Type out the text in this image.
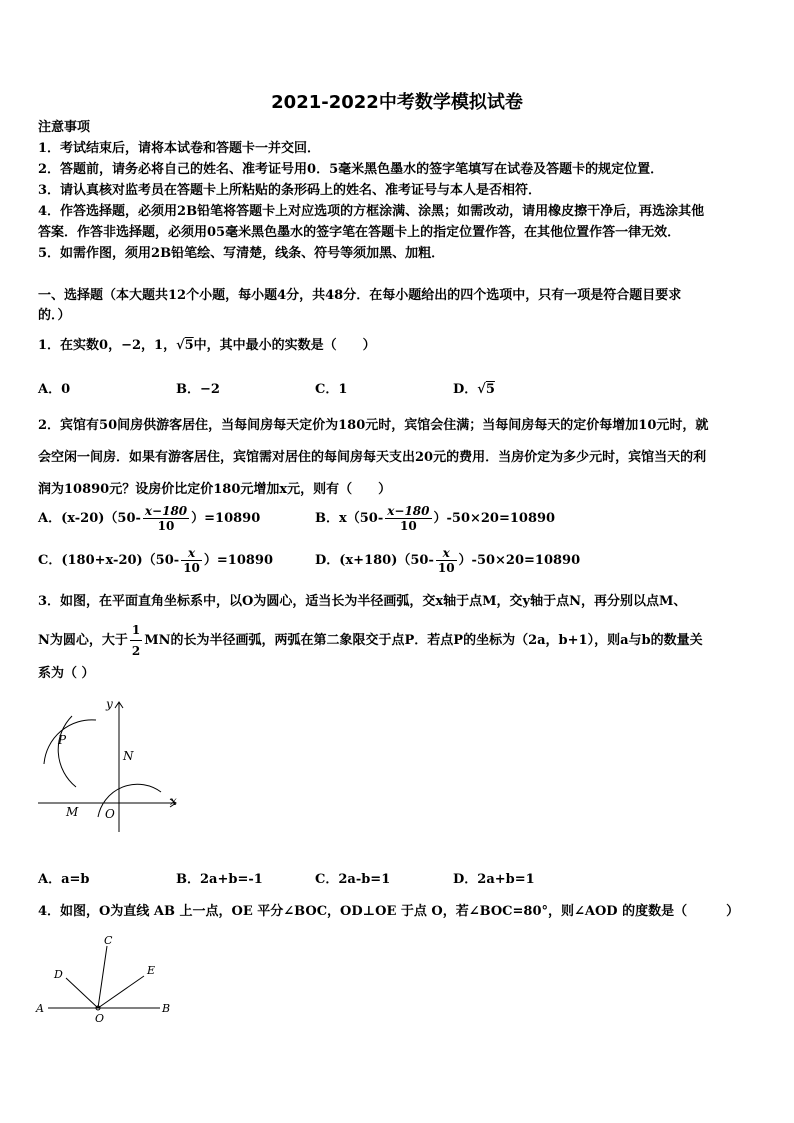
2021-2022中考数学模拟试卷
注意事项
1．考试结束后，请将本试卷和答题卡一并交回．
2．答题前，请务必将自己的姓名、准考证号用0．5毫米黑色墨水的签字笔填写在试卷及答题卡的规定位置．
3．请认真核对监考员在答题卡上所粘贴的条形码上的姓名、准考证号与本人是否相符．
4．作答选择题，必须用2B铅笔将答题卡上对应选项的方框涂满、涂黑；如需改动，请用橡皮擦干净后，再选涂其他
答案．作答非选择题，必须用05毫米黑色墨水的签字笔在答题卡上的指定位置作答，在其他位置作答一律无效．
5．如需作图，须用2B铅笔绘、写清楚，线条、符号等须加黑、加粗．
一、选择题（本大题共12个小题，每小题4分，共48分．在每小题给出的四个选项中，只有一项是符合题目要求
的．）
1．在实数0，−2，1，√5中，其中最小的实数是（　　）
A．0	B．−2	C．1	D．√5
2．宾馆有50间房供游客居住，当每间房每天定价为180元时，宾馆会住满；当每间房每天的定价每增加10元时，就
会空闲一间房．如果有游客居住，宾馆需对居住的每间房每天支出20元的费用．当房价定为多少元时，宾馆当天的利
润为10890元？设房价比定价180元增加x元，则有（　　）
A．$(x-20)(50- \frac{x-180}{10} )=10890$	B．$x(50- \frac{x-180}{10} )-50\times 20=10890$
C．$(180+x-20)(50- \frac{x}{10} )=10890$	D．$(x+180)(50- \frac{x}{10} )-50\times 20=10890$
3．如图，在平面直角坐标系中，以O为圆心，适当长为半径画弧，交x轴于点M，交y轴于点N，再分别以点M、
N为圆心，大于 $\frac{1}{2}$ MN的长为半径画弧，两弧在第二象限交于点P．若点P的坐标为（2a，b+1），则a与b的数量关
系为（ ）
y
x
P
N
M O
A．a=b	B．2a+b=-1	C．2a-b=1	D．2a+b=1
4．如图，O为直线 AB 上一点，OE 平分∠BOC，OD⊥OE 于点 O，若∠BOC=80°，则∠AOD 的度数是（　　　）
C
D	E
A
O
B
